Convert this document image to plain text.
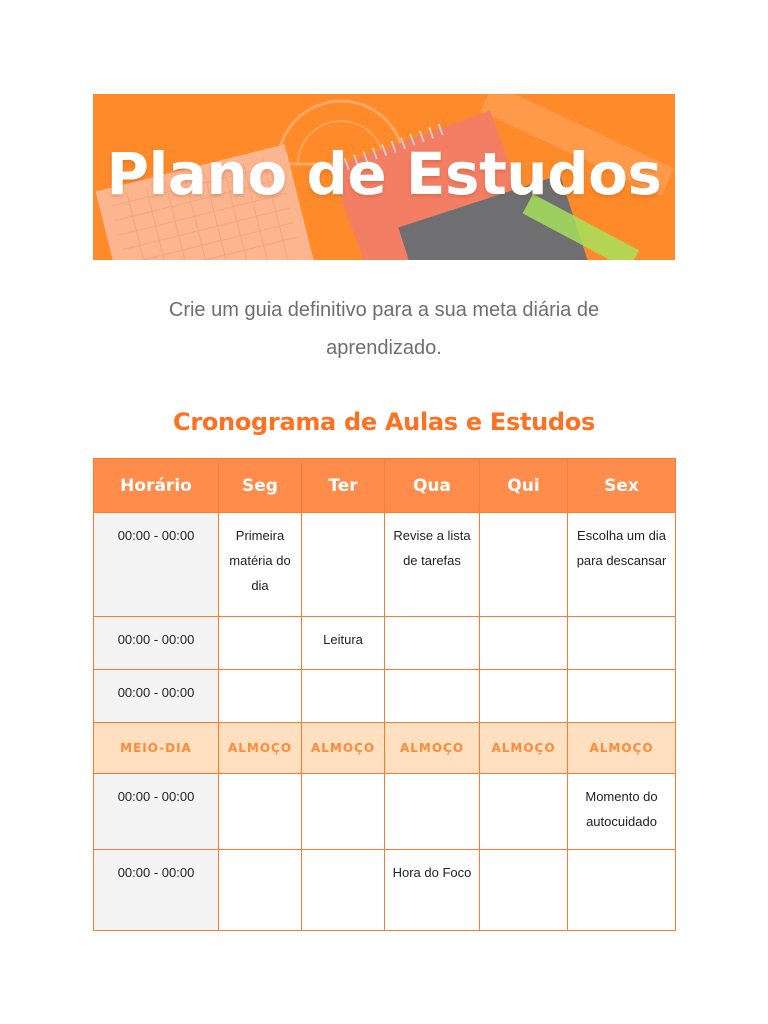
Plano de Estudos
Crie um guia definitivo para a sua meta diária de aprendizado.
Cronograma de Aulas e Estudos
Horário	Seg	Ter	Qua	Qui	Sex
00:00 - 00:00	Primeira matéria do dia		Revise a lista de tarefas		Escolha um dia para descansar
00:00 - 00:00		Leitura			
00:00 - 00:00					
MEIO-DIA	ALMOÇO	ALMOÇO	ALMOÇO	ALMOÇO	ALMOÇO
00:00 - 00:00					Momento do autocuidado
00:00 - 00:00			Hora do Foco		
